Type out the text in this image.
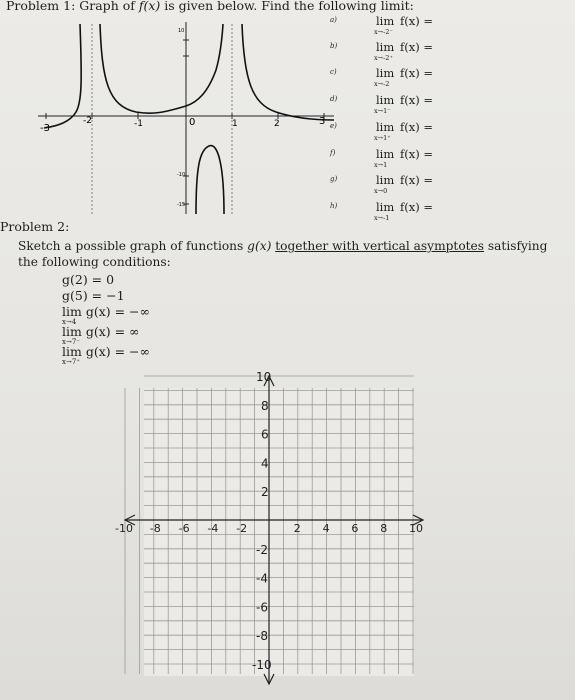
Problem 1: Graph of f(x) is given below. Find the following limit:
-3
-2	-1	0	1	2	3
10
-10
-15
a)	lim
x→-2⁻
f(x) =
b)	lim
x→-2⁺
f(x) =
c)	lim
x→-2
f(x) =
d)	lim
x→1⁻
f(x) =
e)	lim
x→1⁺
f(x) =
f)	lim
x→1
f(x) =
g)	lim
x→0
f(x) =
h)	lim
x→-1
f(x) =
Problem 2:
Sketch a possible graph of functions g(x) together with vertical asymptotes satisfying the following conditions:
g(2) = 0
g(5) = −1
lim g(x) = −∞
x→4
lim g(x) = ∞
x→7⁻
lim g(x) = −∞
x→7⁺
-10 -8 -6 -4 -2	2 4 6 8 10
10
8
6
4
2
-2
-4
-6
-8
-10
